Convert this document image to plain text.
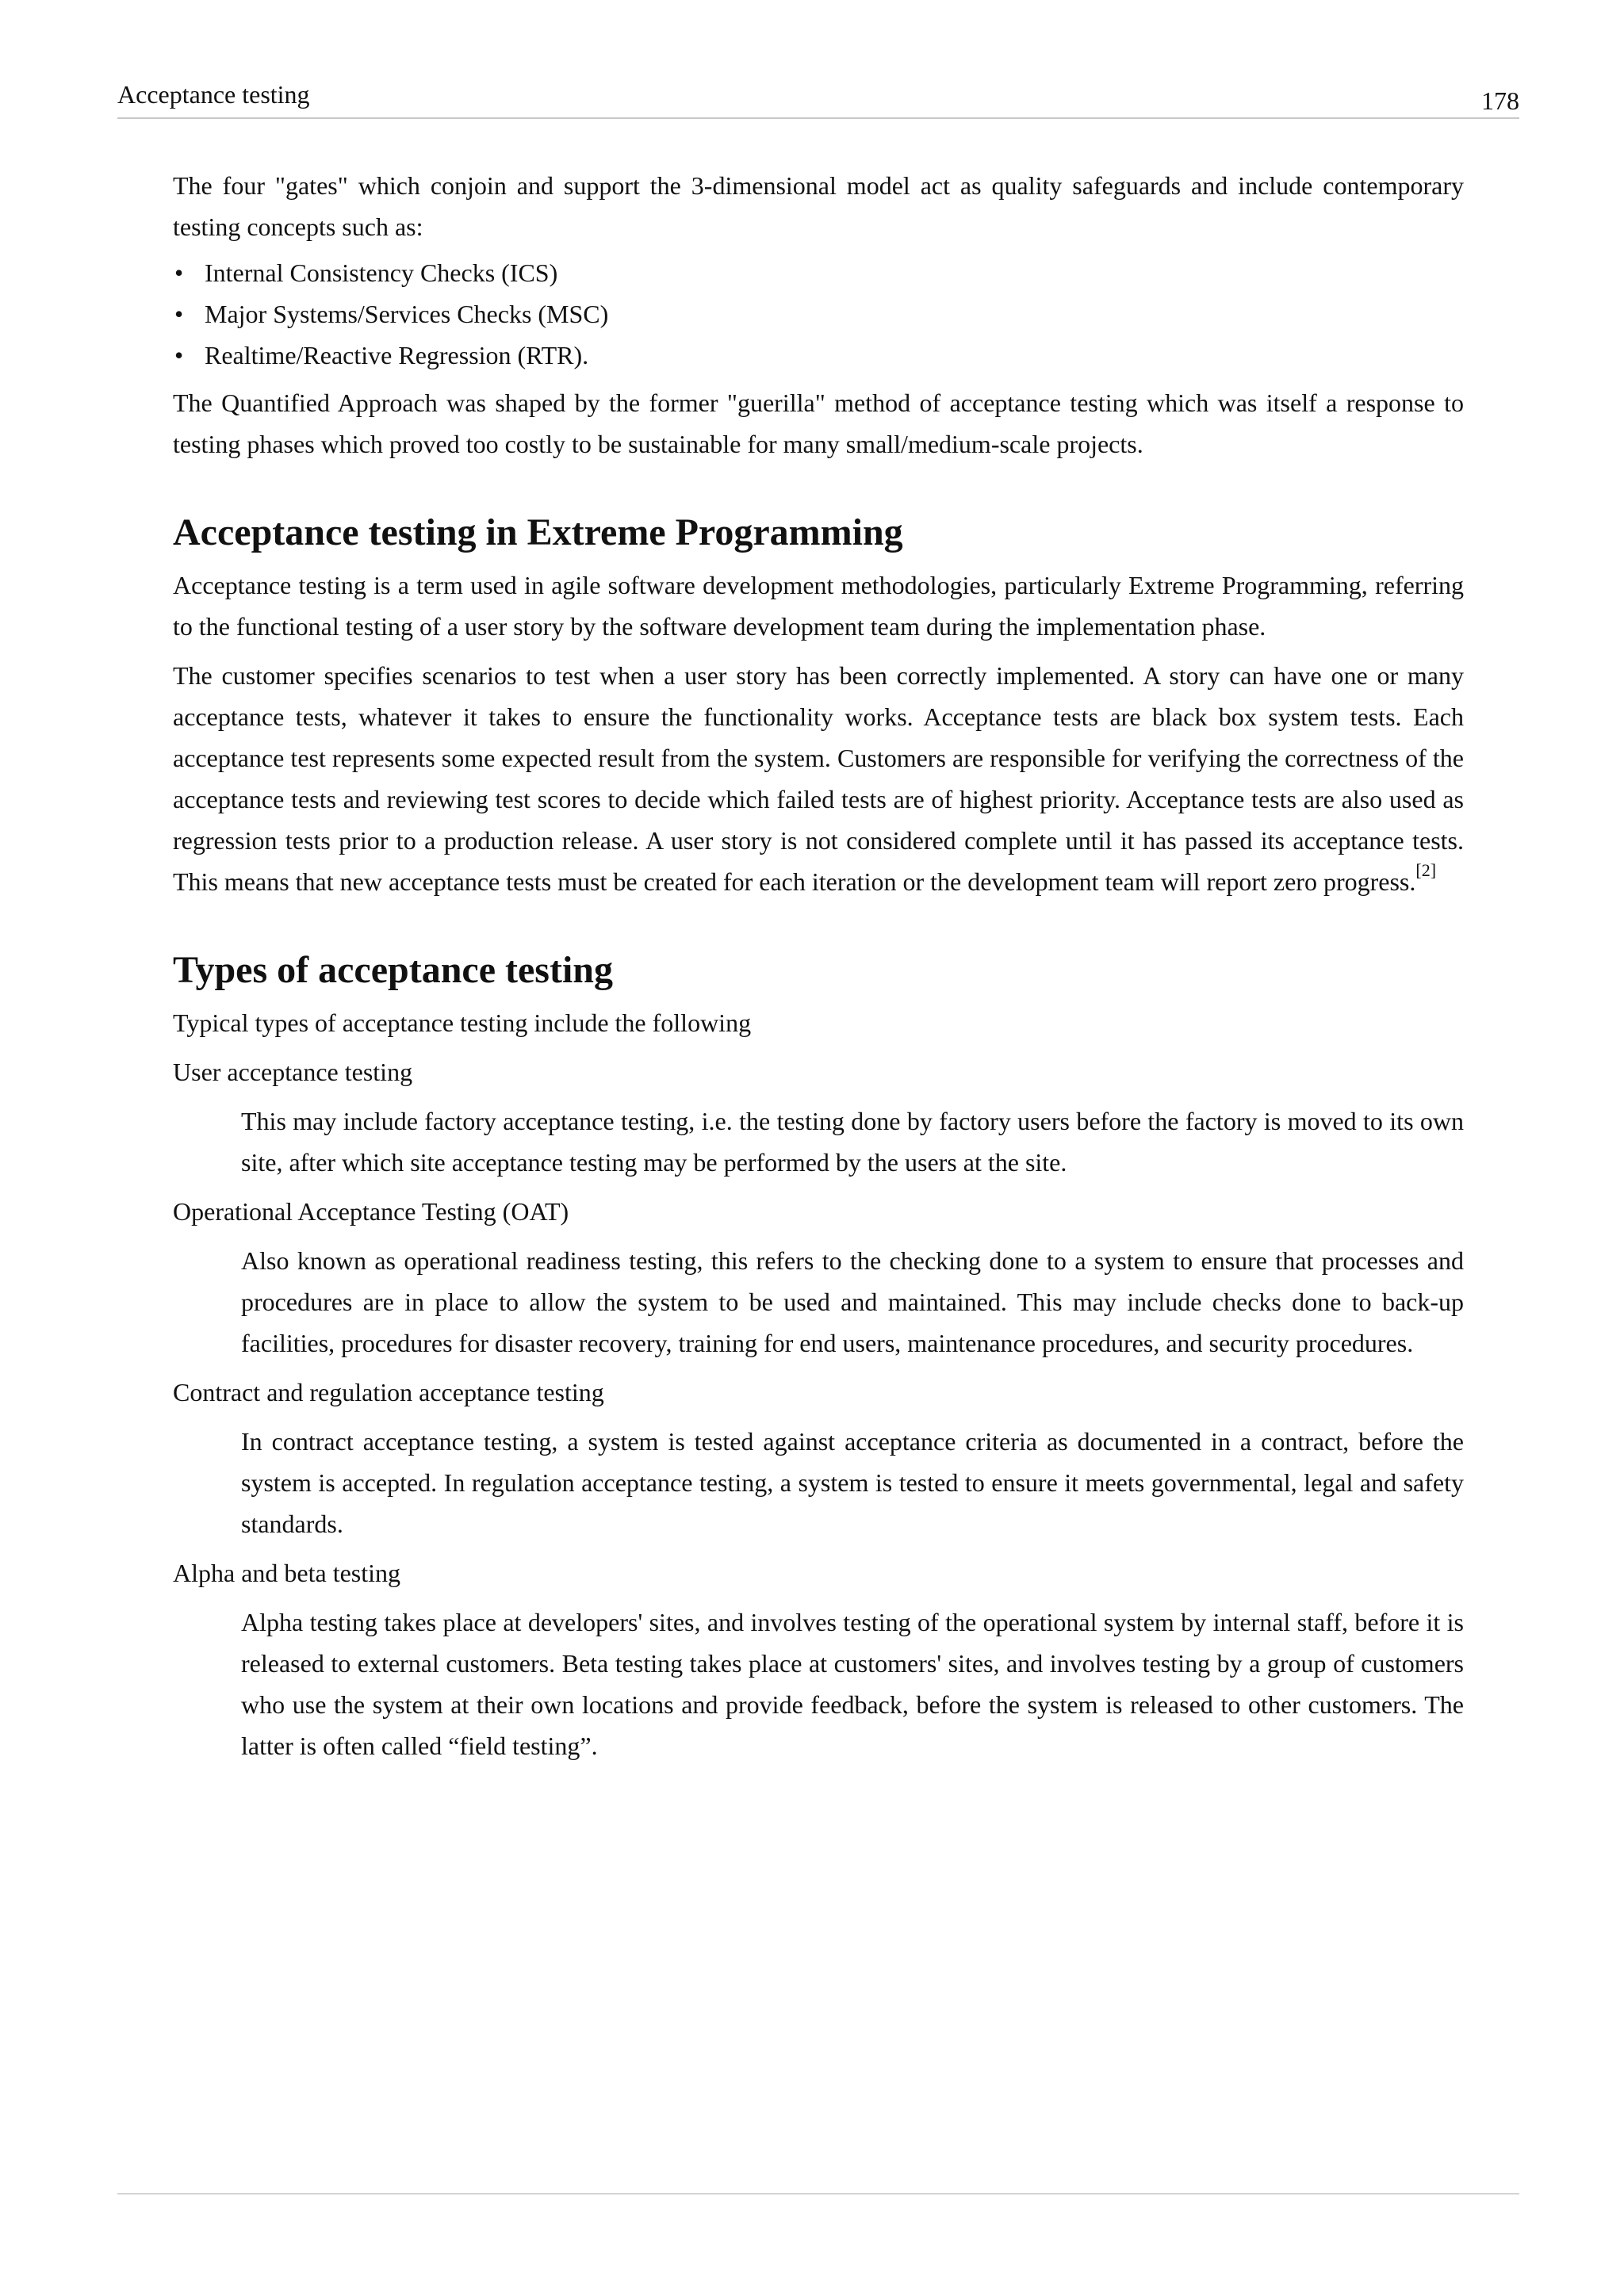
Acceptance testing	178

The four "gates" which conjoin and support the 3-dimensional model act as quality safeguards and include contemporary testing concepts such as:

• Internal Consistency Checks (ICS)
• Major Systems/Services Checks (MSC)
• Realtime/Reactive Regression (RTR).

The Quantified Approach was shaped by the former "guerilla" method of acceptance testing which was itself a response to testing phases which proved too costly to be sustainable for many small/medium-scale projects.

Acceptance testing in Extreme Programming

Acceptance testing is a term used in agile software development methodologies, particularly Extreme Programming, referring to the functional testing of a user story by the software development team during the implementation phase.

The customer specifies scenarios to test when a user story has been correctly implemented. A story can have one or many acceptance tests, whatever it takes to ensure the functionality works. Acceptance tests are black box system tests. Each acceptance test represents some expected result from the system. Customers are responsible for verifying the correctness of the acceptance tests and reviewing test scores to decide which failed tests are of highest priority. Acceptance tests are also used as regression tests prior to a production release. A user story is not considered complete until it has passed its acceptance tests. This means that new acceptance tests must be created for each iteration or the development team will report zero progress.[2]

Types of acceptance testing

Typical types of acceptance testing include the following

User acceptance testing

This may include factory acceptance testing, i.e. the testing done by factory users before the factory is moved to its own site, after which site acceptance testing may be performed by the users at the site.

Operational Acceptance Testing (OAT)

Also known as operational readiness testing, this refers to the checking done to a system to ensure that processes and procedures are in place to allow the system to be used and maintained. This may include checks done to back-up facilities, procedures for disaster recovery, training for end users, maintenance procedures, and security procedures.

Contract and regulation acceptance testing

In contract acceptance testing, a system is tested against acceptance criteria as documented in a contract, before the system is accepted. In regulation acceptance testing, a system is tested to ensure it meets governmental, legal and safety standards.

Alpha and beta testing

Alpha testing takes place at developers' sites, and involves testing of the operational system by internal staff, before it is released to external customers. Beta testing takes place at customers' sites, and involves testing by a group of customers who use the system at their own locations and provide feedback, before the system is released to other customers. The latter is often called “field testing”.
